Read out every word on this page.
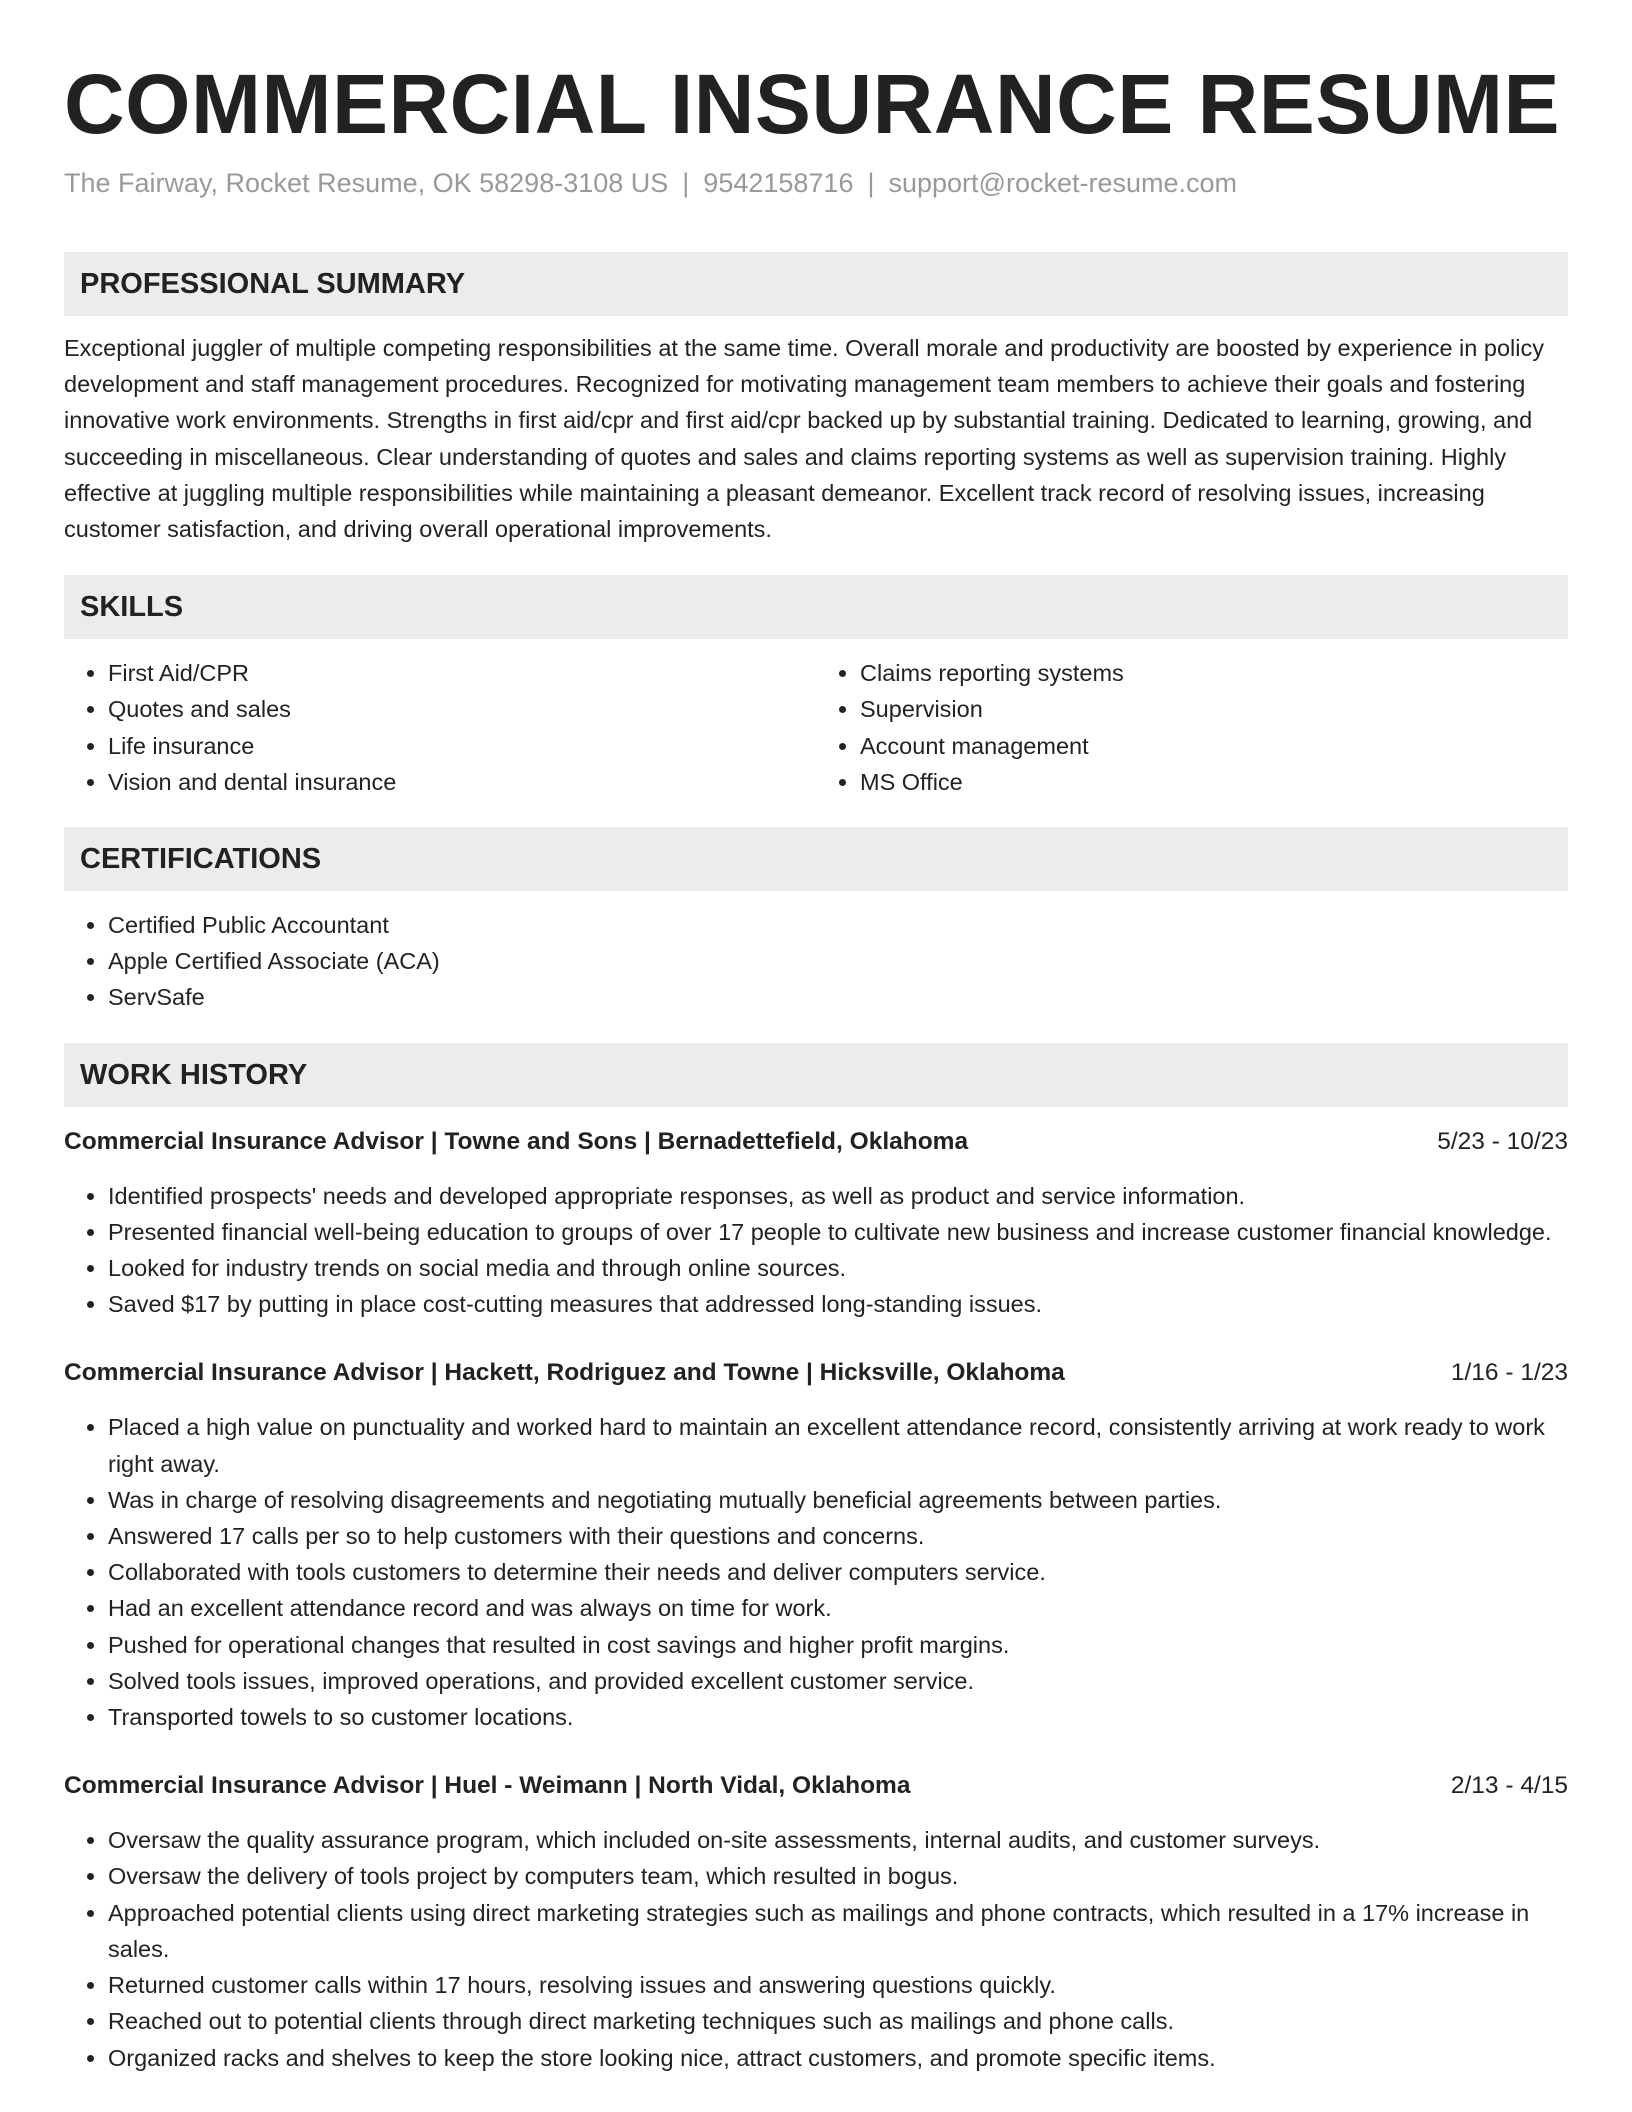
COMMERCIAL INSURANCE RESUME
The Fairway, Rocket Resume, OK 58298-3108 US | 9542158716 | support@rocket-resume.com
PROFESSIONAL SUMMARY

Exceptional juggler of multiple competing responsibilities at the same time. Overall morale and productivity are boosted by experience in policy development and staff management procedures. Recognized for motivating management team members to achieve their goals and fostering innovative work environments. Strengths in first aid/cpr and first aid/cpr backed up by substantial training. Dedicated to learning, growing, and succeeding in miscellaneous. Clear understanding of quotes and sales and claims reporting systems as well as supervision training. Highly effective at juggling multiple responsibilities while maintaining a pleasant demeanor. Excellent track record of resolving issues, increasing customer satisfaction, and driving overall operational improvements.

SKILLS
• First Aid/CPR
• Quotes and sales
• Life insurance
• Vision and dental insurance
• Claims reporting systems
• Supervision
• Account management
• MS Office
CERTIFICATIONS
• Certified Public Accountant
• Apple Certified Associate (ACA)
• ServSafe
WORK HISTORY
Commercial Insurance Advisor | Towne and Sons | Bernadettefield, Oklahoma	5/23 - 10/23
• Identified prospects' needs and developed appropriate responses, as well as product and service information.
• Presented financial well-being education to groups of over 17 people to cultivate new business and increase customer financial knowledge.
• Looked for industry trends on social media and through online sources.
• Saved $17 by putting in place cost-cutting measures that addressed long-standing issues.
Commercial Insurance Advisor | Hackett, Rodriguez and Towne | Hicksville, Oklahoma	1/16 - 1/23
• Placed a high value on punctuality and worked hard to maintain an excellent attendance record, consistently arriving at work ready to work right away.
• Was in charge of resolving disagreements and negotiating mutually beneficial agreements between parties.
• Answered 17 calls per so to help customers with their questions and concerns.
• Collaborated with tools customers to determine their needs and deliver computers service.
• Had an excellent attendance record and was always on time for work.
• Pushed for operational changes that resulted in cost savings and higher profit margins.
• Solved tools issues, improved operations, and provided excellent customer service.
• Transported towels to so customer locations.
Commercial Insurance Advisor | Huel - Weimann | North Vidal, Oklahoma	2/13 - 4/15
• Oversaw the quality assurance program, which included on-site assessments, internal audits, and customer surveys.
• Oversaw the delivery of tools project by computers team, which resulted in bogus.
• Approached potential clients using direct marketing strategies such as mailings and phone contracts, which resulted in a 17% increase in sales.
• Returned customer calls within 17 hours, resolving issues and answering questions quickly.
• Reached out to potential clients through direct marketing techniques such as mailings and phone calls.
• Organized racks and shelves to keep the store looking nice, attract customers, and promote specific items.
